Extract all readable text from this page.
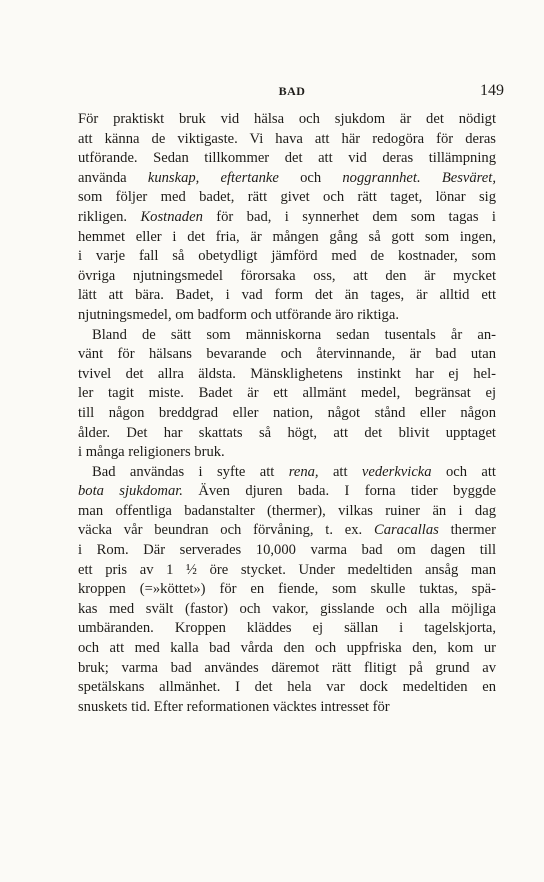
BAD	149
För praktiskt bruk vid hälsa och sjukdom är det nödigt
att känna de viktigaste. Vi hava att här redogöra för deras
utförande. Sedan tillkommer det att vid deras tillämpning
använda kunskap, eftertanke och noggrannhet. Besväret,
som följer med badet, rätt givet och rätt taget, lönar sig
rikligen. Kostnaden för bad, i synnerhet dem som tagas i
hemmet eller i det fria, är mången gång så gott som ingen,
i varje fall så obetydligt jämförd med de kostnader, som
övriga njutningsmedel förorsaka oss, att den är mycket
lätt att bära. Badet, i vad form det än tages, är alltid ett
njutningsmedel, om badform och utförande äro riktiga.
Bland de sätt som människorna sedan tusentals år an-
vänt för hälsans bevarande och återvinnande, är bad utan
tvivel det allra äldsta. Mänsklighetens instinkt har ej hel-
ler tagit miste. Badet är ett allmänt medel, begränsat ej
till någon breddgrad eller nation, något stånd eller någon
ålder. Det har skattats så högt, att det blivit upptaget
i många religioners bruk.
Bad användas i syfte att rena, att vederkvicka och att
bota sjukdomar. Även djuren bada. I forna tider byggde
man offentliga badanstalter (thermer), vilkas ruiner än i dag
väcka vår beundran och förvåning, t. ex. Caracallas thermer
i Rom. Där serverades 10,000 varma bad om dagen till
ett pris av 1 ½ öre stycket. Under medeltiden ansåg man
kroppen (=»köttet») för en fiende, som skulle tuktas, spä-
kas med svält (fastor) och vakor, gisslande och alla möjliga
umbäranden. Kroppen kläddes ej sällan i tagelskjorta,
och att med kalla bad vårda den och uppfriska den, kom ur
bruk; varma bad användes däremot rätt flitigt på grund av
spetälskans allmänhet. I det hela var dock medeltiden en
snuskets tid. Efter reformationen väcktes intresset för
